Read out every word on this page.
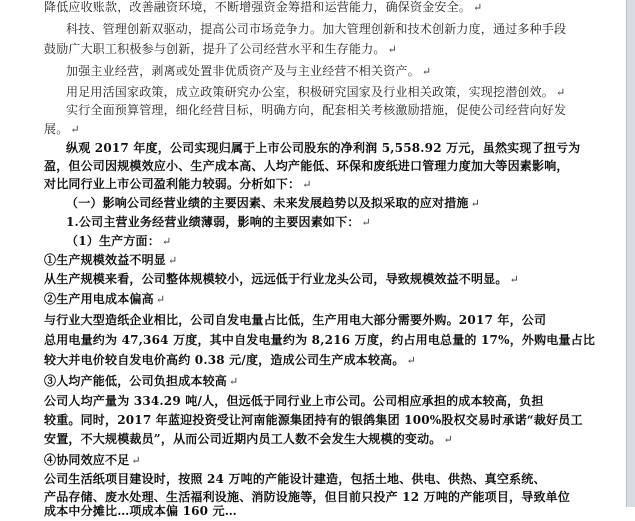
降低应收账款，改善融资环境，不断增强资金筹措和运营能力，确保资金安全。 ↵
科技、管理创新双驱动，提高公司市场竞争力。加大管理创新和技术创新力度，通过多种手段
鼓励广大职工积极参与创新，提升了公司经营水平和生存能力。 ↵
加强主业经营，剥离或处置非优质资产及与主业经营不相关资产。 ↵
用足用活国家政策，成立政策研究办公室，积极研究国家及行业相关政策，实现挖潜创效。 ↵
实行全面预算管理，细化经营目标，明确方向，配套相关考核激励措施，促使公司经营向好发
展。 ↵
纵观 2017 年度，公司实现归属于上市公司股东的净利润 5,558.92 万元，虽然实现了扭亏为
盈，但公司因规模效应小、生产成本高、人均产能低、环保和废纸进口管理力度加大等因素影响，
对比同行业上市公司盈利能力较弱。分析如下： ↵
（一）影响公司经营业绩的主要因素、未来发展趋势以及拟采取的应对措施 ↵
1.公司主营业务经营业绩薄弱，影响的主要因素如下： ↵
（1）生产方面： ↵
①生产规模效益不明显 ↵
从生产规模来看，公司整体规模较小，远远低于行业龙头公司，导致规模效益不明显。 ↵
②生产用电成本偏高 ↵
与行业大型造纸企业相比，公司自发电量占比低，生产用电大部分需要外购。2017 年，公司
总用电量约为 47,364 万度，其中自发电量约为 8,216 万度，约占用电总量的 17%，外购电量占比
较大并电价较自发电价高约 0.38 元/度，造成公司生产成本较高。 ↵
③人均产能低，公司负担成本较高 ↵
公司人均产量为 334.29 吨/人，但远低于同行业上市公司。公司相应承担的成本较高，负担
较重。同时，2017 年蓝迎投资受让河南能源集团持有的银鸽集团 100%股权交易时承诺“裁好员工
安置，不大规模裁员”，从而公司近期内员工人数不会发生大规模的变动。 ↵
④协同效应不足 ↵
公司生活纸项目建设时，按照 24 万吨的产能设计建造，包括土地、供电、供热、真空系统、
产品存储、废水处理、生活福利设施、消防设施等，但目前只投产 12 万吨的产能项目，导致单位
成本中分摊比…项成本偏 160 元…
